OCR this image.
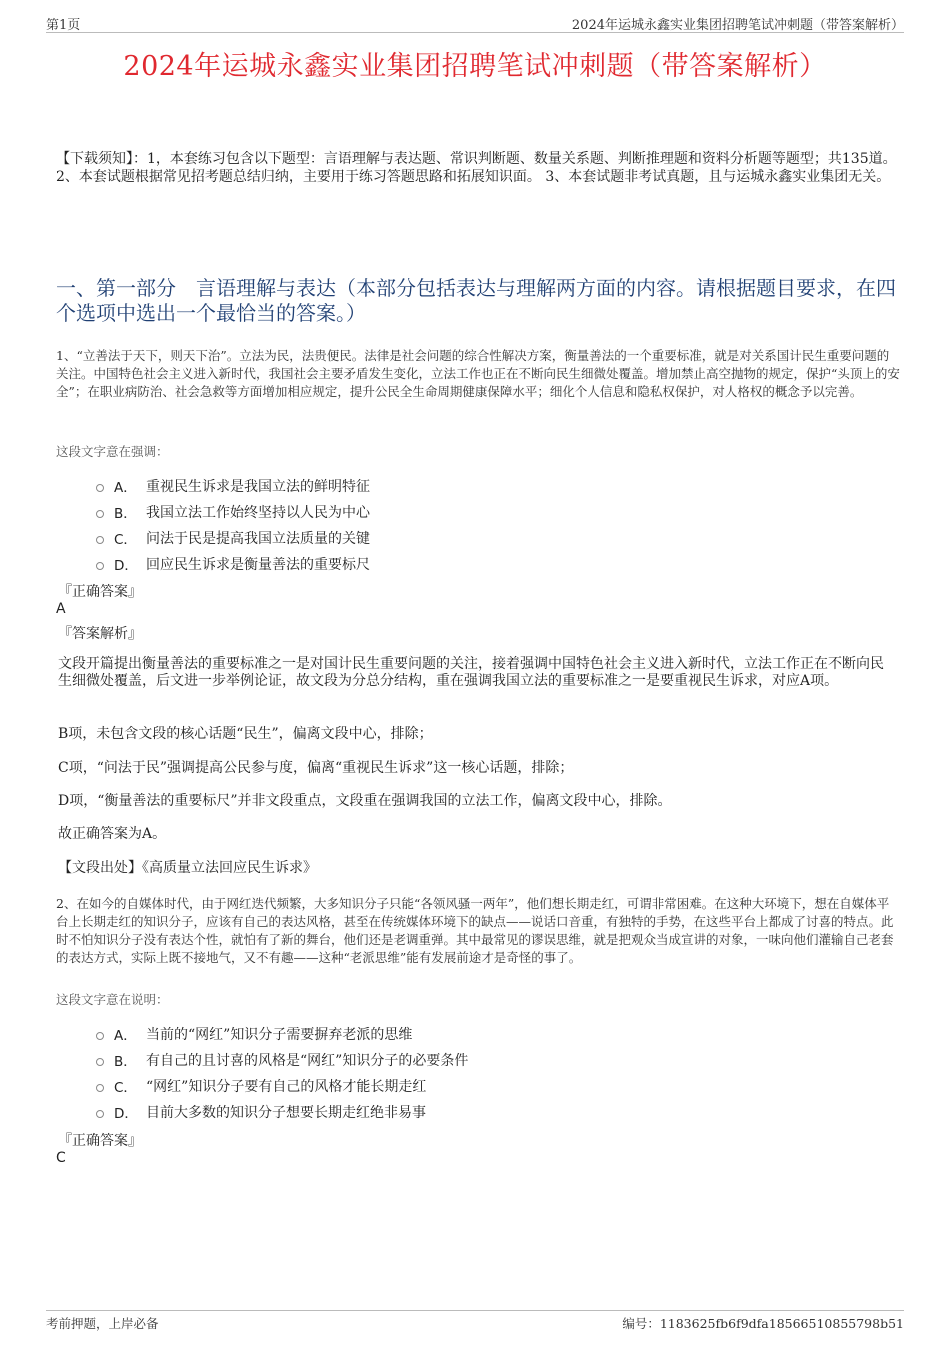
第1页	2024年运城永鑫实业集团招聘笔试冲刺题（带答案解析）
2024年运城永鑫实业集团招聘笔试冲刺题（带答案解析）
【下载须知】：1，本套练习包含以下题型：言语理解与表达题、常识判断题、数量关系题、判断推理题和资料分析题等题型；共135道。 2、本套试题根据常见招考题总结归纳，主要用于练习答题思路和拓展知识面。 3、本套试题非考试真题，且与运城永鑫实业集团无关。
一、第一部分　言语理解与表达（本部分包括表达与理解两方面的内容。请根据题目要求，在四个选项中选出一个最恰当的答案。）
1、“立善法于天下，则天下治”。立法为民，法贵便民。法律是社会问题的综合性解决方案，衡量善法的一个重要标准，就是对关系国计民生重要问题的关注。中国特色社会主义进入新时代，我国社会主要矛盾发生变化，立法工作也正在不断向民生细微处覆盖。增加禁止高空抛物的规定，保护“头顶上的安全”；在职业病防治、社会急救等方面增加相应规定，提升公民全生命周期健康保障水平；细化个人信息和隐私权保护，对人格权的概念予以完善。
这段文字意在强调：
A． 重视民生诉求是我国立法的鲜明特征
B． 我国立法工作始终坚持以人民为中心
C． 问法于民是提高我国立法质量的关键
D． 回应民生诉求是衡量善法的重要标尺
『正确答案』
A
『答案解析』
文段开篇提出衡量善法的重要标准之一是对国计民生重要问题的关注，接着强调中国特色社会主义进入新时代，立法工作正在不断向民生细微处覆盖，后文进一步举例论证，故文段为分总分结构，重在强调我国立法的重要标准之一是要重视民生诉求，对应A项。
B项，未包含文段的核心话题“民生”，偏离文段中心，排除；
C项，“问法于民”强调提高公民参与度，偏离“重视民生诉求”这一核心话题，排除；
D项，“衡量善法的重要标尺”并非文段重点，文段重在强调我国的立法工作，偏离文段中心，排除。
故正确答案为A。
【文段出处】《高质量立法回应民生诉求》
2、在如今的自媒体时代，由于网红迭代频繁，大多知识分子只能“各领风骚一两年”，他们想长期走红，可谓非常困难。在这种大环境下，想在自媒体平台上长期走红的知识分子，应该有自己的表达风格，甚至在传统媒体环境下的缺点——说话口音重，有独特的手势，在这些平台上都成了讨喜的特点。此时不怕知识分子没有表达个性，就怕有了新的舞台，他们还是老调重弹。其中最常见的谬误思维，就是把观众当成宣讲的对象，一味向他们灌输自己老套的表达方式，实际上既不接地气，又不有趣——这种“老派思维”能有发展前途才是奇怪的事了。
这段文字意在说明：
A． 当前的“网红”知识分子需要摒弃老派的思维
B． 有自己的且讨喜的风格是“网红”知识分子的必要条件
C． “网红”知识分子要有自己的风格才能长期走红
D． 目前大多数的知识分子想要长期走红绝非易事
『正确答案』
C
考前押题，上岸必备	编号：1183625fb6f9dfa18566510855798b51
